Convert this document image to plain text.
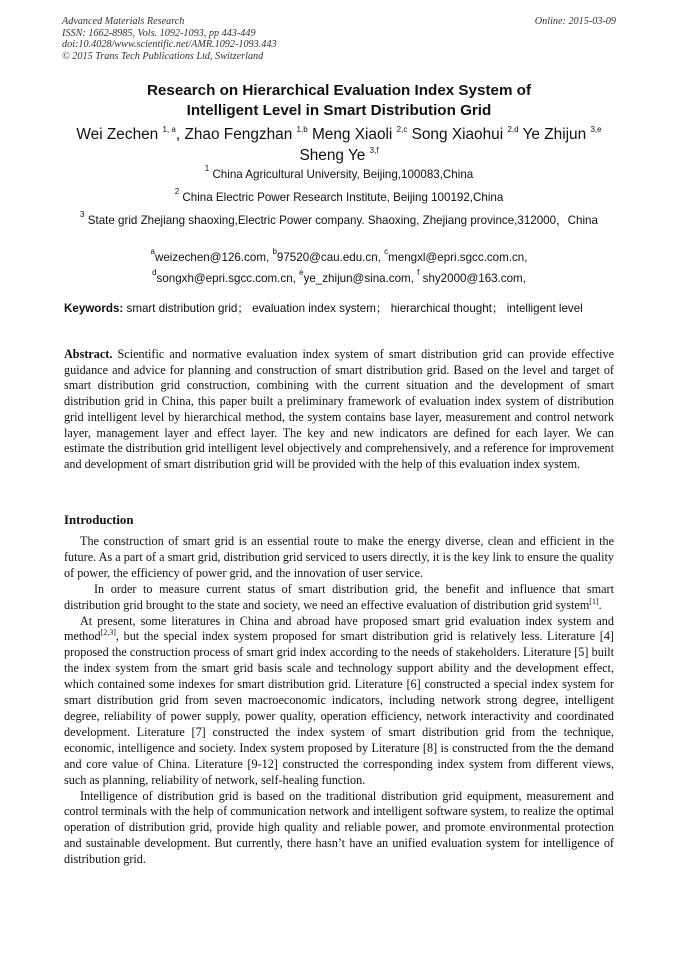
Advanced Materials Research
ISSN: 1662-8985, Vols. 1092-1093, pp 443-449
doi:10.4028/www.scientific.net/AMR.1092-1093.443
© 2015 Trans Tech Publications Ltd, Switzerland
Online: 2015-03-09
Research on Hierarchical Evaluation Index System of
Intelligent Level in Smart Distribution Grid
Wei Zechen $^{1, a}$, Zhao Fengzhan $^{1,b}$ Meng Xiaoli $^{2,c}$ Song Xiaohui $^{2,d}$ Ye Zhijun $^{3,e}$
Sheng Ye $^{3,f}$
$^1$ China Agricultural University, Beijing,100083,China
$^2$ China Electric Power Research Institute, Beijing 100192,China
$^3$ State grid Zhejiang shaoxing,Electric Power company. Shaoxing, Zhejiang province,312000，China
$^a$weizechen@126.com, $^b$97520@cau.edu.cn, $^c$mengxl@epri.sgcc.com.cn,
$^d$songxh@epri.sgcc.com.cn, $^e$ye_zhijun@sina.com, $^f$ shy2000@163.com,
Keywords: smart distribution grid； evaluation index system； hierarchical thought； intelligent level
Abstract. Scientific and normative evaluation index system of smart distribution grid can provide effective guidance and advice for planning and construction of smart distribution grid. Based on the level and target of smart distribution grid construction, combining with the current situation and the development of smart distribution grid in China, this paper built a preliminary framework of evaluation index system of distribution grid intelligent level by hierarchical method, the system contains base layer, measurement and control network layer, management layer and effect layer. The key and new indicators are defined for each layer. We can estimate the distribution grid intelligent level objectively and comprehensively, and a reference for improvement and development of smart distribution grid will be provided with the help of this evaluation index system.
Introduction

The construction of smart grid is an essential route to make the energy diverse, clean and efficient in the future. As a part of a smart grid, distribution grid serviced to users directly, it is the key link to ensure the quality of power, the efficiency of power grid, and the innovation of user service.

In order to measure current status of smart distribution grid, the benefit and influence that smart distribution grid brought to the state and society, we need an effective evaluation of distribution grid system[1].

At present, some literatures in China and abroad have proposed smart grid evaluation index system and method[2,3], but the special index system proposed for smart distribution grid is relatively less. Literature [4] proposed the construction process of smart grid index according to the needs of stakeholders. Literature [5] built the index system from the smart grid basis scale and technology support ability and the development effect, which contained some indexes for smart distribution grid. Literature [6] constructed a special index system for smart distribution grid from seven macroeconomic indicators, including network strong degree, intelligent degree, reliability of power supply, power quality, operation efficiency, network interactivity and coordinated development. Literature [7] constructed the index system of smart distribution grid from the technique, economic, intelligence and society. Index system proposed by Literature [8] is constructed from the the demand and core value of China. Literature [9-12] constructed the corresponding index system from different views, such as planning, reliability of network, self-healing function.

Intelligence of distribution grid is based on the traditional distribution grid equipment, measurement and control terminals with the help of communication network and intelligent software system, to realize the optimal operation of distribution grid, provide high quality and reliable power, and promote environmental protection and sustainable development. But currently, there hasn’t have an unified evaluation system for intelligence of distribution grid.
